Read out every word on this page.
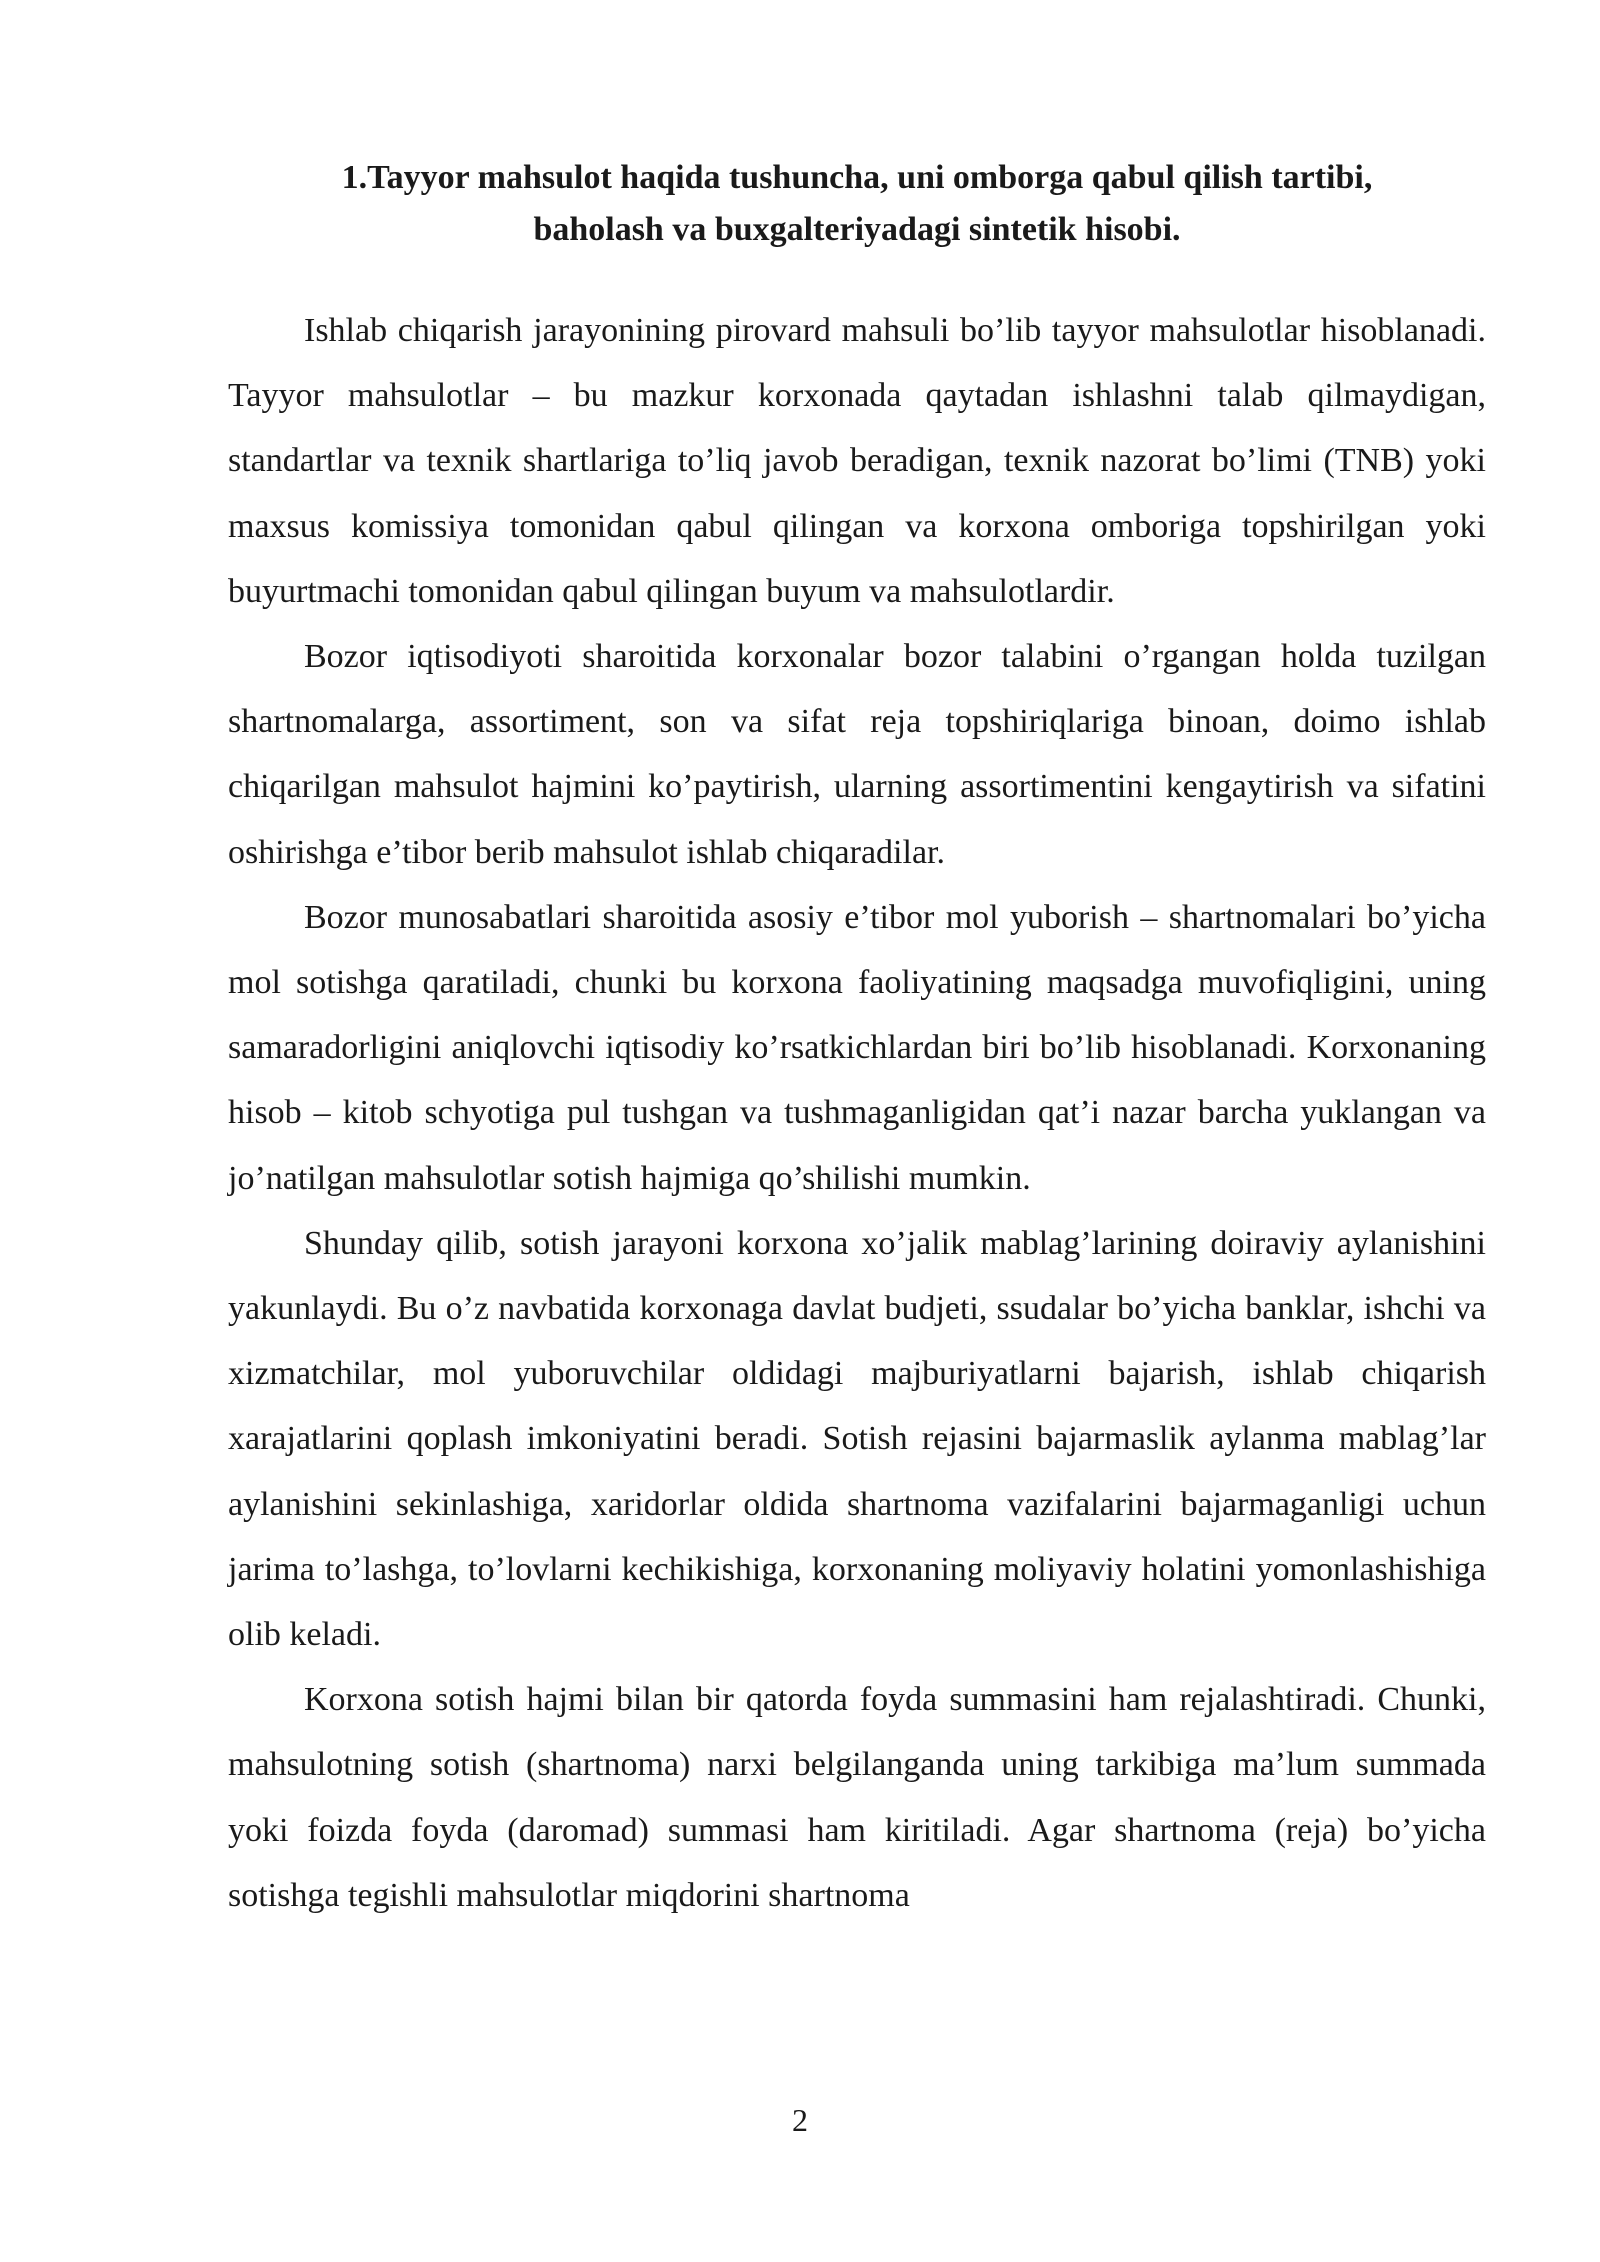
1.Tayyor mahsulot haqida tushuncha, uni omborga qabul qilish tartibi,
baholash va buxgalteriyadagi sintetik hisobi.

Ishlab chiqarish jarayonining pirovard mahsuli bo’lib tayyor mahsulotlar hisoblanadi. Tayyor mahsulotlar – bu mazkur korxonada qaytadan ishlashni talab qilmaydigan, standartlar va texnik shartlariga to’liq javob beradigan, texnik nazorat bo’limi (TNB) yoki maxsus komissiya tomonidan qabul qilingan va korxona omboriga topshirilgan yoki buyurtmachi tomonidan qabul qilingan buyum va mahsulotlardir.

Bozor iqtisodiyoti sharoitida korxonalar bozor talabini o’rgangan holda tuzilgan shartnomalarga, assortiment, son va sifat reja topshiriqlariga binoan, doimo ishlab chiqarilgan mahsulot hajmini ko’paytirish, ularning assortimentini kengaytirish va sifatini oshirishga e’tibor berib mahsulot ishlab chiqaradilar.

Bozor munosabatlari sharoitida asosiy e’tibor mol yuborish – shartnomalari bo’yicha mol sotishga qaratiladi, chunki bu korxona faoliyatining maqsadga muvofiqligini, uning samaradorligini aniqlovchi iqtisodiy ko’rsatkichlardan biri bo’lib hisoblanadi. Korxonaning hisob – kitob schyotiga pul tushgan va tushmaganligidan qat’i nazar barcha yuklangan va jo’natilgan mahsulotlar sotish hajmiga qo’shilishi mumkin.

Shunday qilib, sotish jarayoni korxona xo’jalik mablag’larining doiraviy aylanishini yakunlaydi. Bu o’z navbatida korxonaga davlat budjeti, ssudalar bo’yicha banklar, ishchi va xizmatchilar, mol yuboruvchilar oldidagi majburiyatlarni bajarish, ishlab chiqarish xarajatlarini qoplash imkoniyatini beradi. Sotish rejasini bajarmaslik aylanma mablag’lar aylanishini sekinlashiga, xaridorlar oldida shartnoma vazifalarini bajarmaganligi uchun jarima to’lashga, to’lovlarni kechikishiga, korxonaning moliyaviy holatini yomonlashishiga olib keladi.

Korxona sotish hajmi bilan bir qatorda foyda summasini ham rejalashtiradi. Chunki, mahsulotning sotish (shartnoma) narxi belgilanganda uning tarkibiga ma’lum summada yoki foizda foyda (daromad) summasi ham kiritiladi. Agar shartnoma (reja) bo’yicha sotishga tegishli mahsulotlar miqdorini shartnoma

2
